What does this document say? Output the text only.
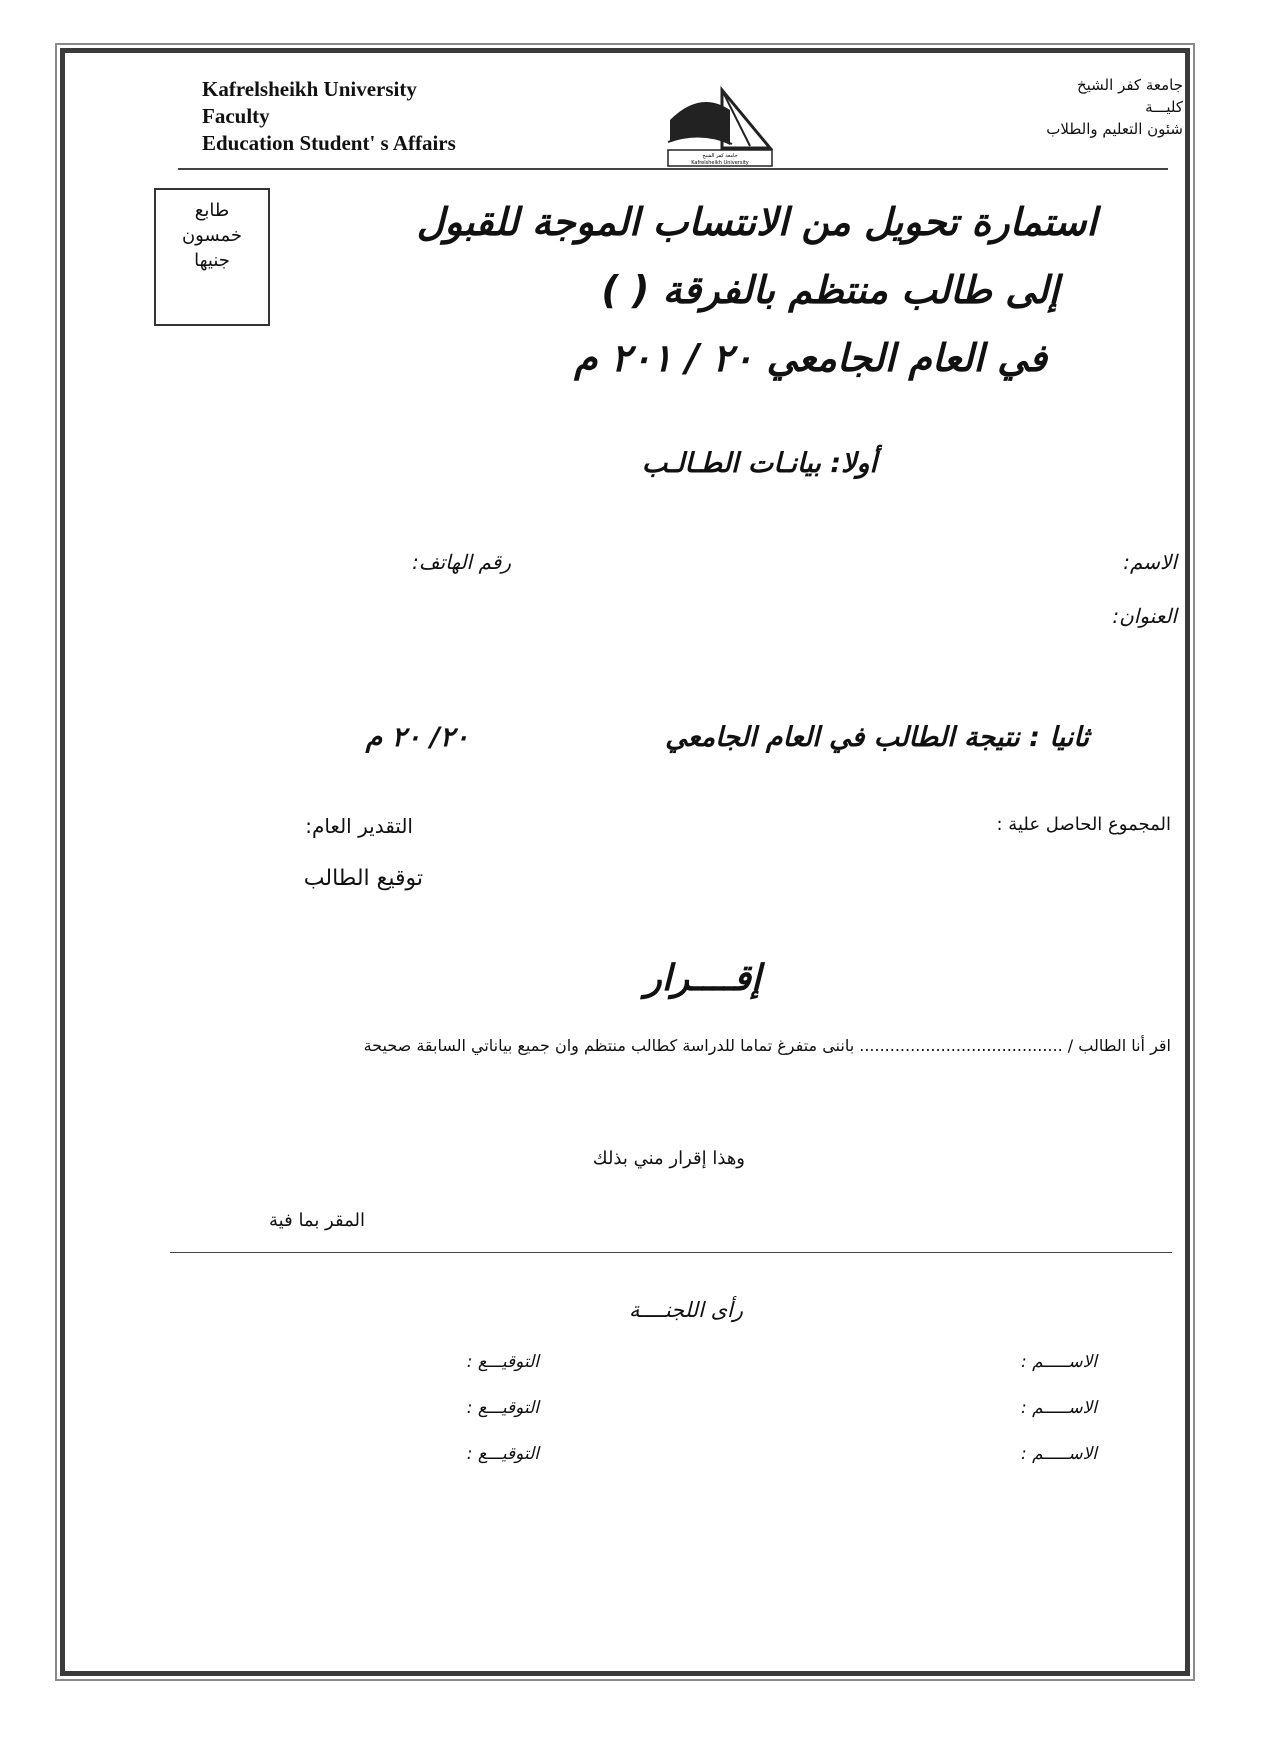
Kafrelsheikh University
Faculty
Education Student' s Affairs
جامعة كفر الشيخ
كليـــة
شئون التعليم والطلاب
جامعة كفر الشيخ
Kafrelsheikh University
طابع
خمسون
جنيها
استمارة تحويل من الانتساب الموجة للقبول
إلى طالب منتظم بالفرقة ( )
في العام الجامعي ٢٠ / ٢٠١ م
أولا: بيانـات الطـالـب
الاسم:
رقم الهاتف:
العنوان:
ثانيا : نتيجة الطالب في العام الجامعي
٢٠/ ٢٠ م
المجموع الحاصل علية :
التقدير العام:
توقيع الطالب
إقــــرار
اقر أنا الطالب / ........................................ باننى متفرغ تماما للدراسة كطالب منتظم وان جميع بياناتي السابقة صحيحة
وهذا إقرار مني بذلك
المقر بما فية
رأى اللجنــــة
الاســـــم :
التوقيـــع :
الاســـــم :
التوقيـــع :
الاســـــم :
التوقيـــع :
